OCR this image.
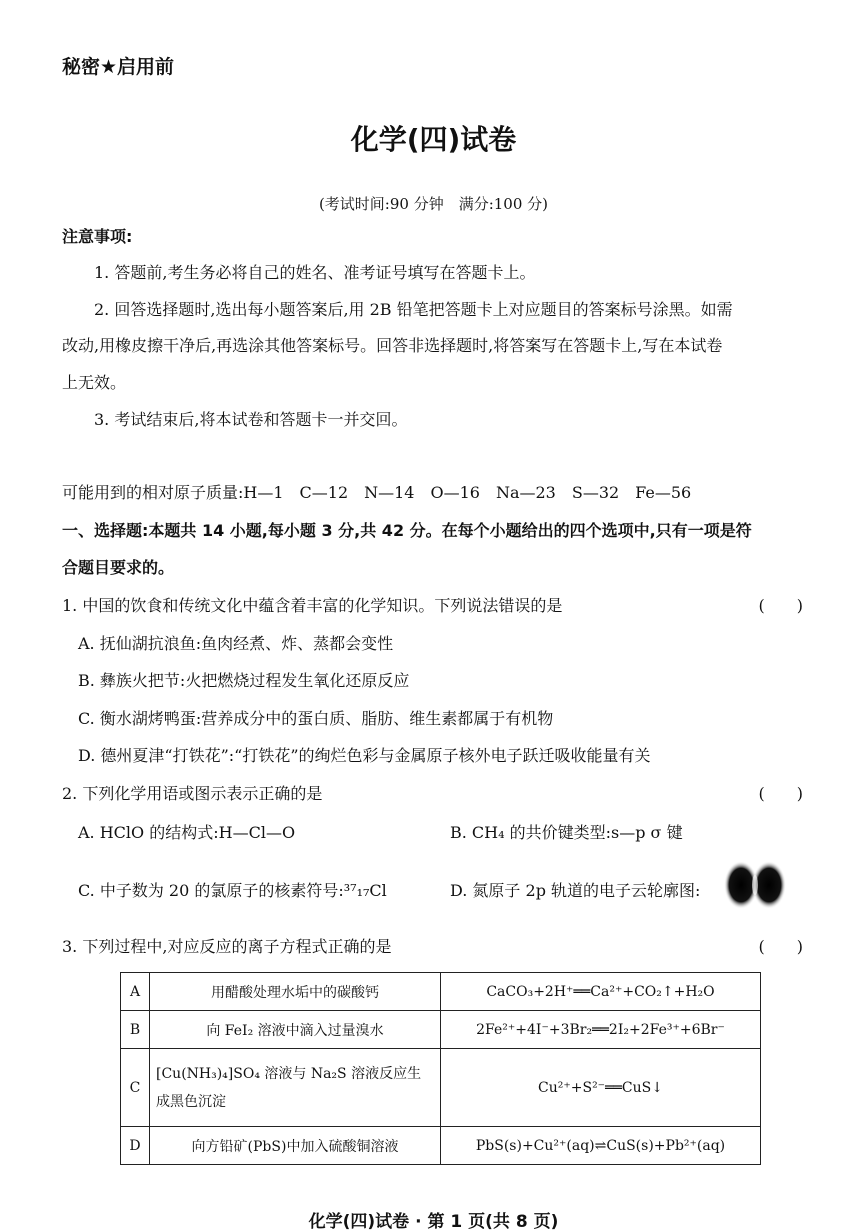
秘密★启用前
化学(四)试卷
(考试时间:90 分钟　满分:100 分)
注意事项:
1. 答题前,考生务必将自己的姓名、准考证号填写在答题卡上。
2. 回答选择题时,选出每小题答案后,用 2B 铅笔把答题卡上对应题目的答案标号涂黑。如需
改动,用橡皮擦干净后,再选涂其他答案标号。回答非选择题时,将答案写在答题卡上,写在本试卷
上无效。
3. 考试结束后,将本试卷和答题卡一并交回。
可能用到的相对原子质量:H—1　C—12　N—14　O—16　Na—23　S—32　Fe—56
一、选择题:本题共 14 小题,每小题 3 分,共 42 分。在每个小题给出的四个选项中,只有一项是符
合题目要求的。
1. 中国的饮食和传统文化中蕴含着丰富的化学知识。下列说法错误的是	(　　)
A. 抚仙湖抗浪鱼:鱼肉经煮、炸、蒸都会变性
B. 彝族火把节:火把燃烧过程发生氧化还原反应
C. 衡水湖烤鸭蛋:营养成分中的蛋白质、脂肪、维生素都属于有机物
D. 德州夏津“打铁花”:“打铁花”的绚烂色彩与金属原子核外电子跃迁吸收能量有关
2. 下列化学用语或图示表示正确的是	(　　)
A. HClO 的结构式:H—Cl—O	B. CH₄ 的共价键类型:s—p σ 键
C. 中子数为 20 的氯原子的核素符号:³⁷₁₇Cl	D. 氮原子 2p 轨道的电子云轮廓图:
3. 下列过程中,对应反应的离子方程式正确的是	(　　)
A	用醋酸处理水垢中的碳酸钙	CaCO₃+2H⁺══Ca²⁺+CO₂↑+H₂O
B	向 FeI₂ 溶液中滴入过量溴水	2Fe²⁺+4I⁻+3Br₂══2I₂+2Fe³⁺+6Br⁻
C	[Cu(NH₃)₄]SO₄ 溶液与 Na₂S 溶液反应生成黑色沉淀	Cu²⁺+S²⁻══CuS↓
D	向方铅矿(PbS)中加入硫酸铜溶液	PbS(s)+Cu²⁺(aq)⇌CuS(s)+Pb²⁺(aq)
化学(四)试卷 · 第 1 页(共 8 页)
